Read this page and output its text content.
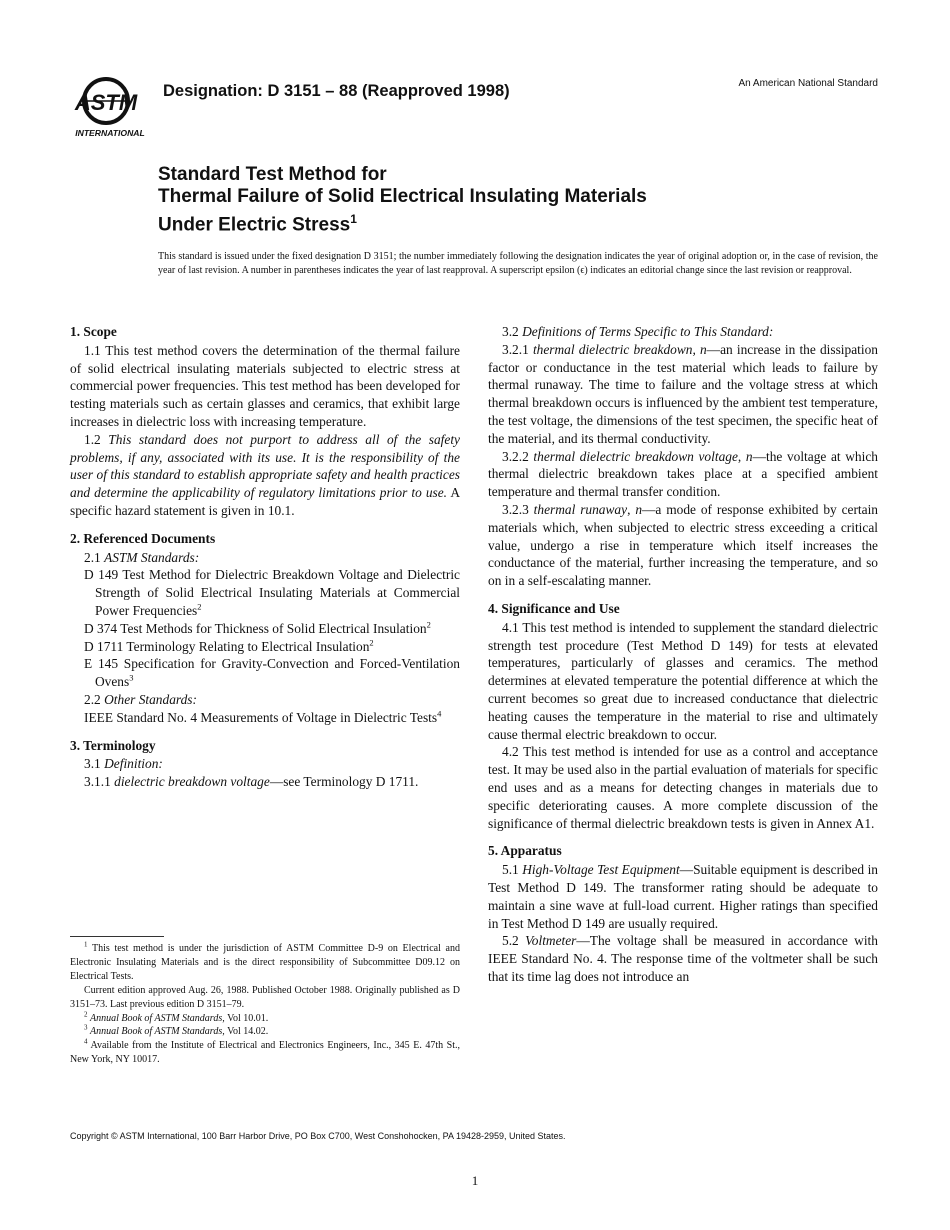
ASTM
INTERNATIONAL
Designation: D 3151 – 88 (Reapproved 1998)	An American National Standard
Standard Test Method for
Thermal Failure of Solid Electrical Insulating Materials
Under Electric Stress$^1$
This standard is issued under the fixed designation D 3151; the number immediately following the designation indicates the year of original adoption or, in the case of revision, the year of last revision. A number in parentheses indicates the year of last reapproval. A superscript epsilon (ϵ) indicates an editorial change since the last revision or reapproval.
1. Scope

1.1 This test method covers the determination of the thermal failure of solid electrical insulating materials subjected to electric stress at commercial power frequencies. This test method has been developed for testing materials such as certain glasses and ceramics, that exhibit large increases in dielectric loss with increasing temperature.

1.2 This standard does not purport to address all of the safety problems, if any, associated with its use. It is the responsibility of the user of this standard to establish appropriate safety and health practices and determine the applicability of regulatory limitations prior to use. A specific hazard statement is given in 10.1.

2. Referenced Documents

2.1 ASTM Standards:

D 149 Test Method for Dielectric Breakdown Voltage and Dielectric Strength of Solid Electrical Insulating Materials at Commercial Power Frequencies$^2$

D 374 Test Methods for Thickness of Solid Electrical Insulation$^2$

D 1711 Terminology Relating to Electrical Insulation$^2$

E 145 Specification for Gravity-Convection and Forced-Ventilation Ovens$^3$

2.2 Other Standards:

IEEE Standard No. 4 Measurements of Voltage in Dielectric Tests$^4$

3. Terminology

3.1 Definition:

3.1.1 dielectric breakdown voltage—see Terminology D 1711.

$^1$ This test method is under the jurisdiction of ASTM Committee D-9 on Electrical and Electronic Insulating Materials and is the direct responsibility of Subcommittee D09.12 on Electrical Tests.

Current edition approved Aug. 26, 1988. Published October 1988. Originally published as D 3151–73. Last previous edition D 3151–79.

$^2$ Annual Book of ASTM Standards, Vol 10.01.

$^3$ Annual Book of ASTM Standards, Vol 14.02.

$^4$ Available from the Institute of Electrical and Electronics Engineers, Inc., 345 E. 47th St., New York, NY 10017.

3.2 Definitions of Terms Specific to This Standard:

3.2.1 thermal dielectric breakdown, n—an increase in the dissipation factor or conductance in the test material which leads to failure by thermal runaway. The time to failure and the voltage stress at which thermal breakdown occurs is influenced by the ambient test temperature, the test voltage, the dimensions of the test specimen, the specific heat of the material, and its thermal conductivity.

3.2.2 thermal dielectric breakdown voltage, n—the voltage at which thermal dielectric breakdown takes place at a specified ambient temperature and thermal transfer condition.

3.2.3 thermal runaway, n—a mode of response exhibited by certain materials which, when subjected to electric stress exceeding a critical value, undergo a rise in temperature which itself increases the conductance of the material, further increasing the temperature, and so on in a self-escalating manner.

4. Significance and Use

4.1 This test method is intended to supplement the standard dielectric strength test procedure (Test Method D 149) for tests at elevated temperatures, particularly of glasses and ceramics. The method determines at elevated temperature the potential difference at which the current becomes so great due to increased conductance that dielectric heating causes the temperature in the material to rise and ultimately cause thermal electric breakdown to occur.

4.2 This test method is intended for use as a control and acceptance test. It may be used also in the partial evaluation of materials for specific end uses and as a means for detecting changes in materials due to specific deteriorating causes. A more complete discussion of the significance of thermal dielectric breakdown tests is given in Annex A1.

5. Apparatus

5.1 High-Voltage Test Equipment—Suitable equipment is described in Test Method D 149. The transformer rating should be adequate to maintain a sine wave at full-load current. Higher ratings than specified in Test Method D 149 are usually required.

5.2 Voltmeter—The voltage shall be measured in accordance with IEEE Standard No. 4. The response time of the voltmeter shall be such that its time lag does not introduce an

Copyright © ASTM International, 100 Barr Harbor Drive, PO Box C700, West Conshohocken, PA 19428-2959, United States.
1
